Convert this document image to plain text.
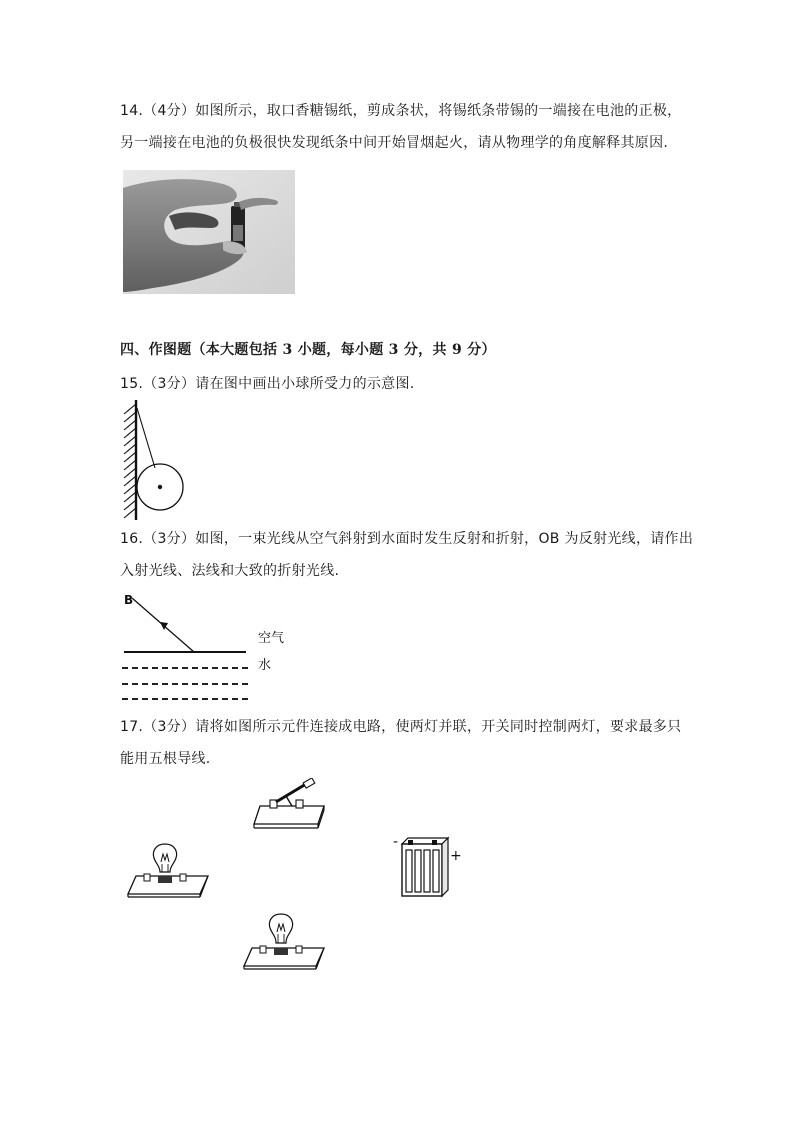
14.（4分）如图所示，取口香糖锡纸，剪成条状，将锡纸条带锡的一端接在电池的正极，
另一端接在电池的负极很快发现纸条中间开始冒烟起火，请从物理学的角度解释其原因.
四、作图题（本大题包括 3 小题，每小题 3 分，共 9 分）
15.（3分）请在图中画出小球所受力的示意图.
16.（3分）如图，一束光线从空气斜射到水面时发生反射和折射，OB 为反射光线，请作出
入射光线、法线和大致的折射光线.
B
空气
水
17.（3分）请将如图所示元件连接成电路，使两灯并联，开关同时控制两灯，要求最多只
能用五根导线.
-
+
